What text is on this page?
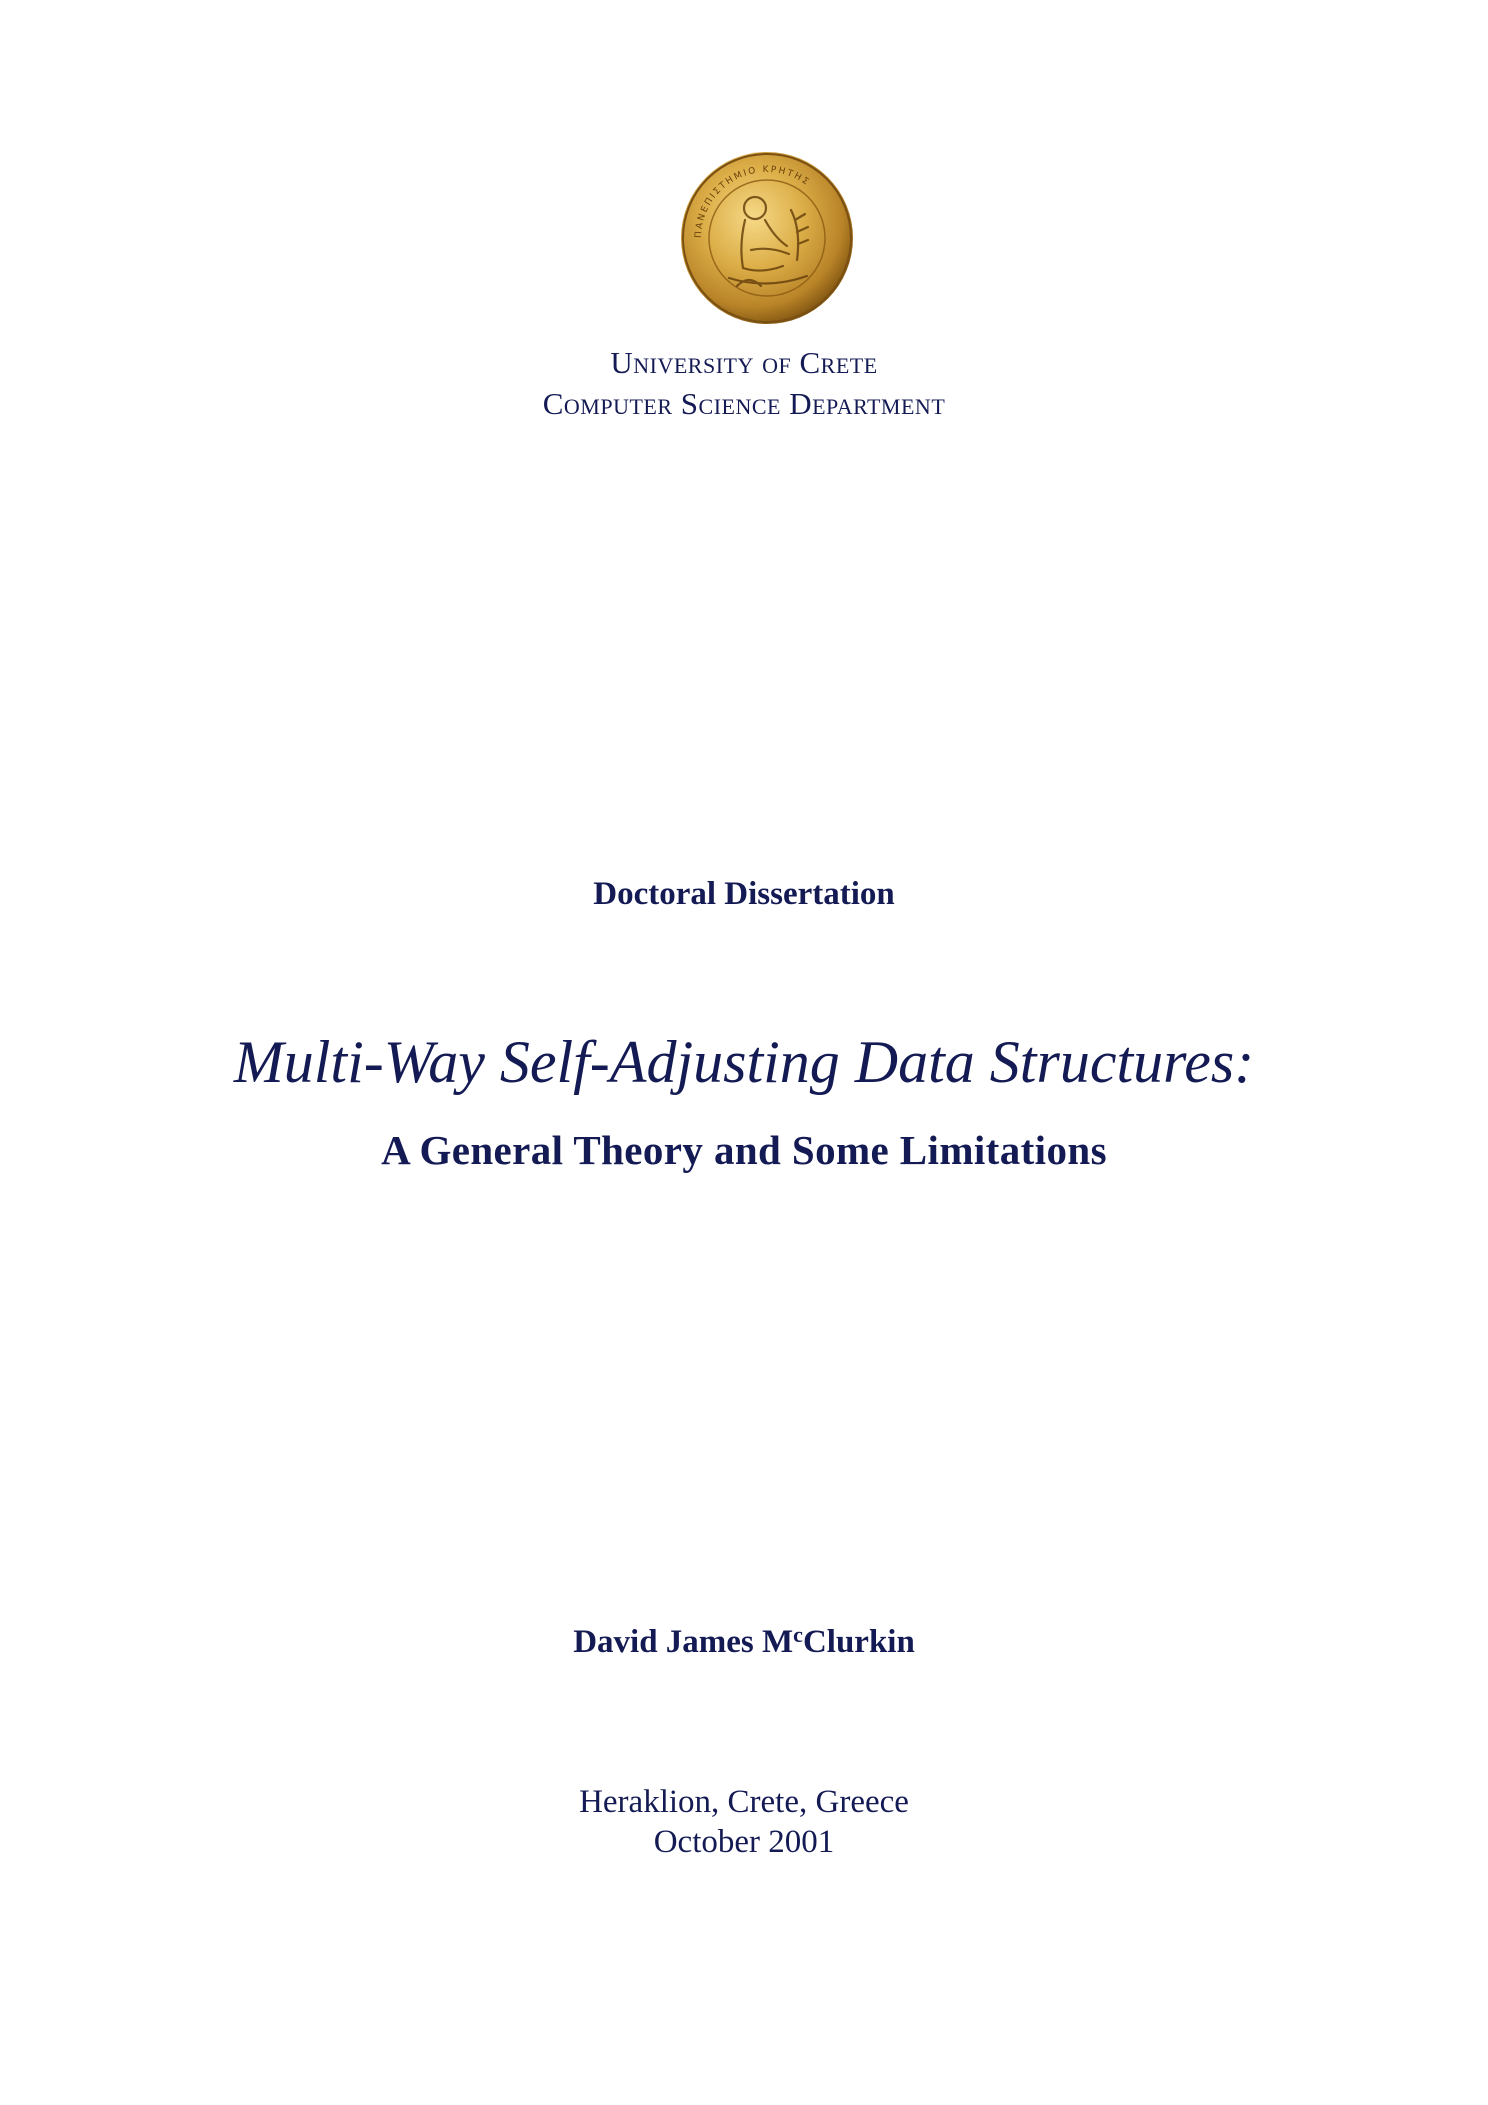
ΠΑΝΕΠΙΣΤΗΜΙΟ ΚΡΗΤΗΣ
University of Crete
Computer Science Department
Doctoral Dissertation
Multi-Way Self-Adjusting Data Structures:
A General Theory and Some Limitations
David James $M^cClurkin$
Heraklion, Crete, Greece
October 2001
